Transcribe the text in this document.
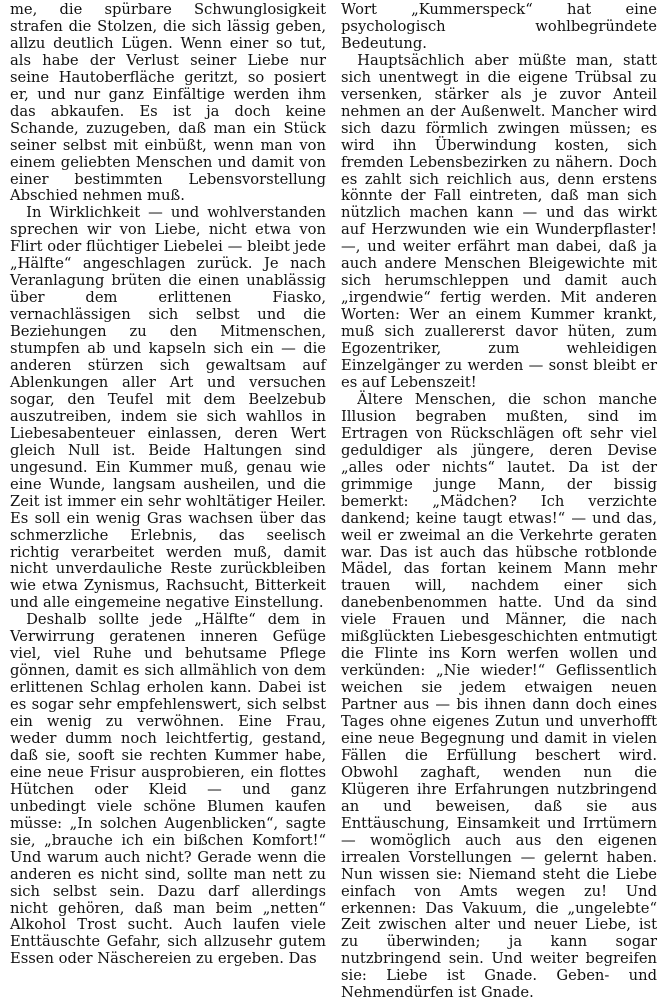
me, die spürbare Schwunglosigkeit strafen die Stolzen, die sich lässig geben, allzu deutlich Lügen. Wenn einer so tut, als habe der Verlust seiner Liebe nur seine Hautoberfläche geritzt, so posiert er, und nur ganz Einfältige werden ihm das abkaufen. Es ist ja doch keine Schande, zuzugeben, daß man ein Stück seiner selbst mit einbüßt, wenn man von einem geliebten Menschen und damit von einer bestimmten Lebensvorstellung Abschied nehmen muß.

In Wirklichkeit — und wohlverstanden sprechen wir von Liebe, nicht etwa von Flirt oder flüchtiger Liebelei — bleibt jede „Hälfte“ angeschlagen zurück. Je nach Veranlagung brüten die einen unablässig über dem erlittenen Fiasko, vernachlässigen sich selbst und die Beziehungen zu den Mitmenschen, stumpfen ab und kapseln sich ein — die anderen stürzen sich gewaltsam auf Ablenkungen aller Art und versuchen sogar, den Teufel mit dem Beelzebub auszutreiben, indem sie sich wahllos in Liebesabenteuer einlassen, deren Wert gleich Null ist. Beide Haltungen sind ungesund. Ein Kummer muß, genau wie eine Wunde, langsam ausheilen, und die Zeit ist immer ein sehr wohltätiger Heiler. Es soll ein wenig Gras wachsen über das schmerzliche Erlebnis, das seelisch richtig verarbeitet werden muß, damit nicht unverdauliche Reste zurückbleiben wie etwa Zynismus, Rachsucht, Bitterkeit und alle eingemeine negative Einstellung.

Deshalb sollte jede „Hälfte“ dem in Verwirrung geratenen inneren Gefüge viel, viel Ruhe und behutsame Pflege gönnen, damit es sich allmählich von dem erlittenen Schlag erholen kann. Dabei ist es sogar sehr empfehlenswert, sich selbst ein wenig zu verwöhnen. Eine Frau, weder dumm noch leichtfertig, gestand, daß sie, sooft sie rechten Kummer habe, eine neue Frisur ausprobieren, ein flottes Hütchen oder Kleid — und ganz unbedingt viele schöne Blumen kaufen müsse: „In solchen Augenblicken“, sagte sie, „brauche ich ein bißchen Komfort!“ Und warum auch nicht? Gerade wenn die anderen es nicht sind, sollte man nett zu sich selbst sein. Dazu darf allerdings nicht gehören, daß man beim „netten“ Alkohol Trost sucht. Auch laufen viele Enttäuschte Gefahr, sich allzusehr gutem Essen oder Näschereien zu ergeben. Das

Wort „Kummerspeck“ hat eine psychologisch wohlbegründete Bedeutung.

Hauptsächlich aber müßte man, statt sich unentwegt in die eigene Trübsal zu versenken, stärker als je zuvor Anteil nehmen an der Außenwelt. Mancher wird sich dazu förmlich zwingen müssen; es wird ihn Überwindung kosten, sich fremden Lebensbezirken zu nähern. Doch es zahlt sich reichlich aus, denn erstens könnte der Fall eintreten, daß man sich nützlich machen kann — und das wirkt auf Herzwunden wie ein Wunderpflaster! —, und weiter erfährt man dabei, daß ja auch andere Menschen Bleigewichte mit sich herumschleppen und damit auch „irgendwie“ fertig werden. Mit anderen Worten: Wer an einem Kummer krankt, muß sich zuallererst davor hüten, zum Egozentriker, zum wehleidigen Einzelgänger zu werden — sonst bleibt er es auf Lebenszeit!

Ältere Menschen, die schon manche Illusion begraben mußten, sind im Ertragen von Rückschlägen oft sehr viel geduldiger als jüngere, deren Devise „alles oder nichts“ lautet. Da ist der grimmige junge Mann, der bissig bemerkt: „Mädchen? Ich verzichte dankend; keine taugt etwas!“ — und das, weil er zweimal an die Verkehrte geraten war. Das ist auch das hübsche rotblonde Mädel, das fortan keinem Mann mehr trauen will, nachdem einer sich danebenbenommen hatte. Und da sind viele Frauen und Männer, die nach mißglückten Liebesgeschichten entmutigt die Flinte ins Korn werfen wollen und verkünden: „Nie wieder!“ Geflissentlich weichen sie jedem etwaigen neuen Partner aus — bis ihnen dann doch eines Tages ohne eigenes Zutun und unverhofft eine neue Begegnung und damit in vielen Fällen die Erfüllung beschert wird. Obwohl zaghaft, wenden nun die Klügeren ihre Erfahrungen nutzbringend an und beweisen, daß sie aus Enttäuschung, Einsamkeit und Irrtümern — womöglich auch aus den eigenen irrealen Vorstellungen — gelernt haben. Nun wissen sie: Niemand steht die Liebe einfach von Amts wegen zu! Und erkennen: Das Vakuum, die „ungelebte“ Zeit zwischen alter und neuer Liebe, ist zu überwinden; ja kann sogar nutzbringend sein. Und weiter begreifen sie: Liebe ist Gnade. Geben- und Nehmendürfen ist Gnade.
